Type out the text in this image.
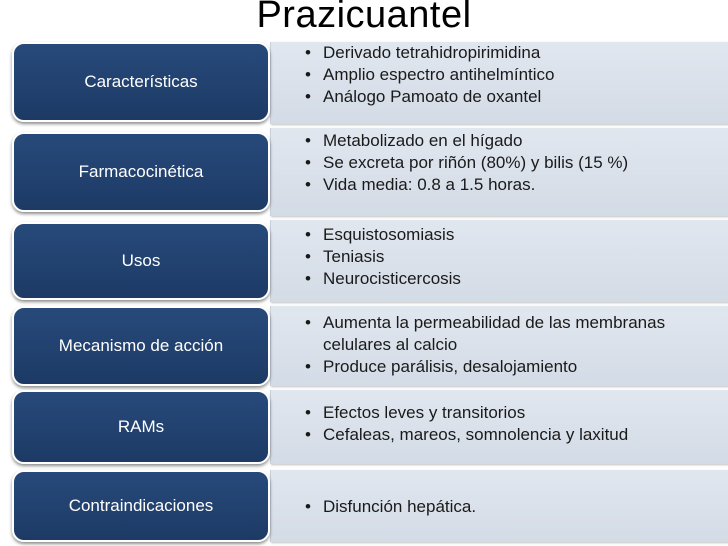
Prazicuantel
• Derivado tetrahidropirimidina
• Amplio espectro antihelmíntico
• Análogo Pamoato de oxantel
Características
• Metabolizado en el hígado
• Se excreta por riñón (80%) y bilis (15 %)
• Vida media: 0.8 a 1.5 horas.
Farmacocinética
• Esquistosomiasis
• Teniasis
• Neurocisticercosis
Usos
• Aumenta la permeabilidad de las membranas celulares al calcio
• Produce parálisis, desalojamiento
Mecanismo de acción
• Efectos leves y transitorios
• Cefaleas, mareos, somnolencia y laxitud
RAMs
• Disfunción hepática.
Contraindicaciones
